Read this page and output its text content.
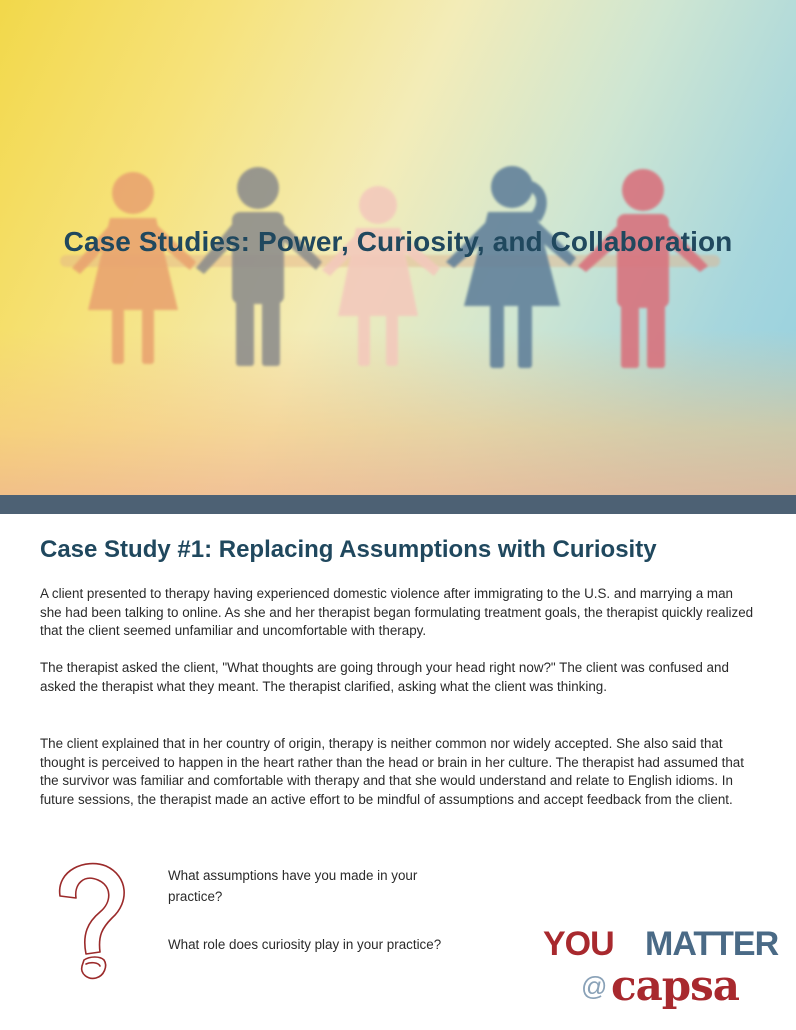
Case Studies: Power, Curiosity, and Collaboration
Case Study #1: Replacing Assumptions with Curiosity

A client presented to therapy having experienced domestic violence after immigrating to the U.S. and marrying a man she had been talking to online. As she and her therapist began formulating treatment goals, the therapist quickly realized that the client seemed unfamiliar and uncomfortable with therapy.

The therapist asked the client, "What thoughts are going through your head right now?" The client was confused and asked the therapist what they meant. The therapist clarified, asking what the client was thinking.

The client explained that in her country of origin, therapy is neither common nor widely accepted. She also said that thought is perceived to happen in the heart rather than the head or brain in her culture. The therapist had assumed that the survivor was familiar and comfortable with therapy and that she would understand and relate to English idioms. In future sessions, the therapist made an active effort to be mindful of assumptions and accept feedback from the client.

What assumptions have you made in your practice?

What role does curiosity play in your practice?	YOU MATTER
@ capsa
